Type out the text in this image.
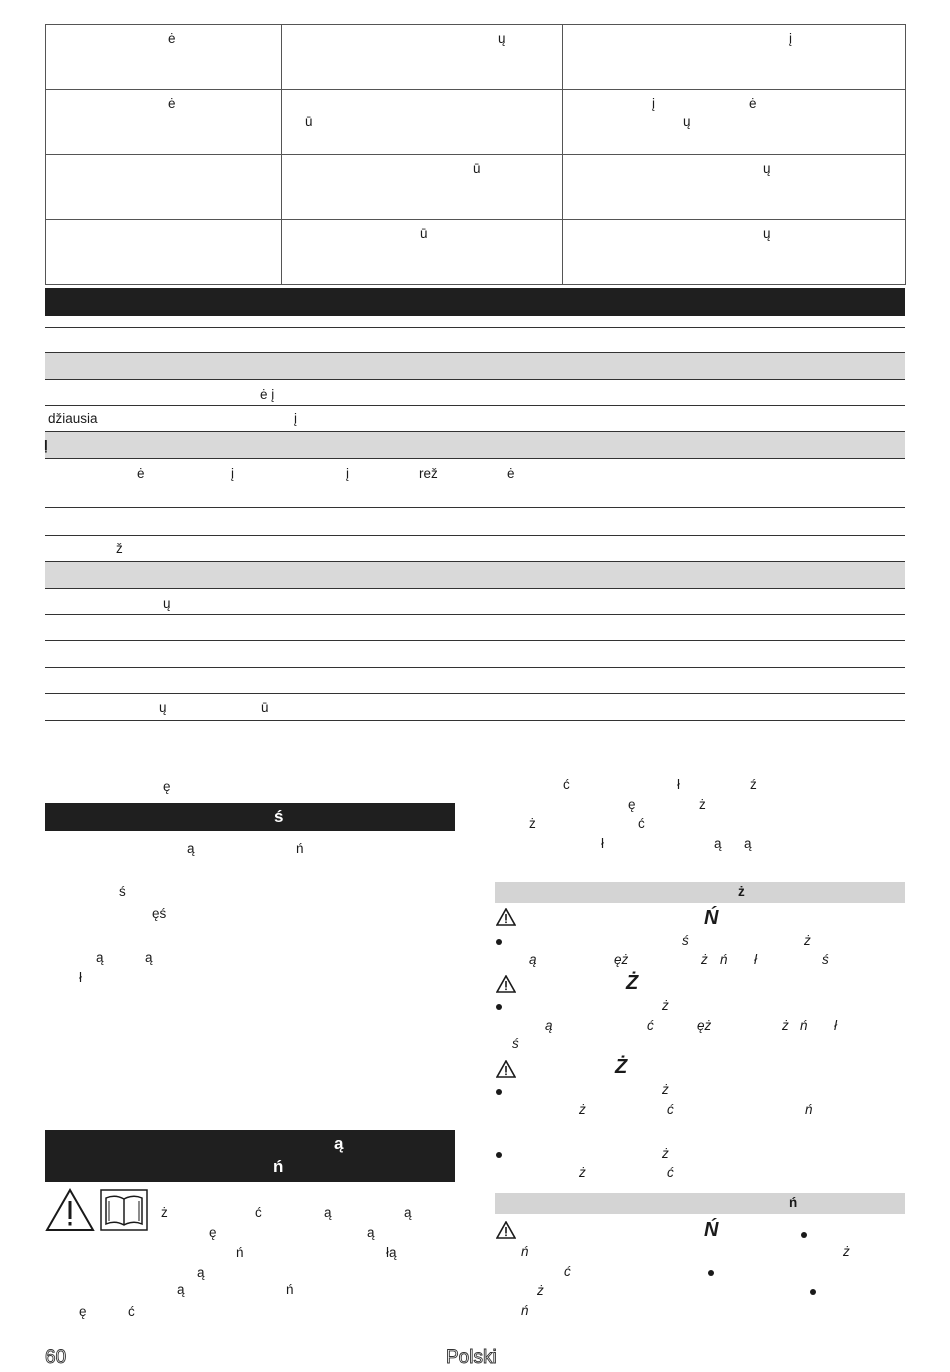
ė	ų	į

ė	ū	į ė
ų

	ū	ų

	ū	ų
ė į
džiausia	į
ļ
ė	į	į	rež	ė
ž
ų
ų	ū
ę
ś
ą	ń
ś
ęś
ą	ą
ł
ą
ń
ż	ć	ą	ą
ę	ą
ń	łą
ą
ą	ń
ę	ć
ć	ł	ź
ę	ż
ż	ć
ł	ą ą
ż
Ń
ś	ż
ą	ęż	ż ń ł	ś
Ż
ż
ą	ć	ęż	ż ń ł
ś
Ż
ż
ż	ć	ń
ż
ż	ć
ń
Ń
ń	ż
ć
ż
ń
60	Polski
